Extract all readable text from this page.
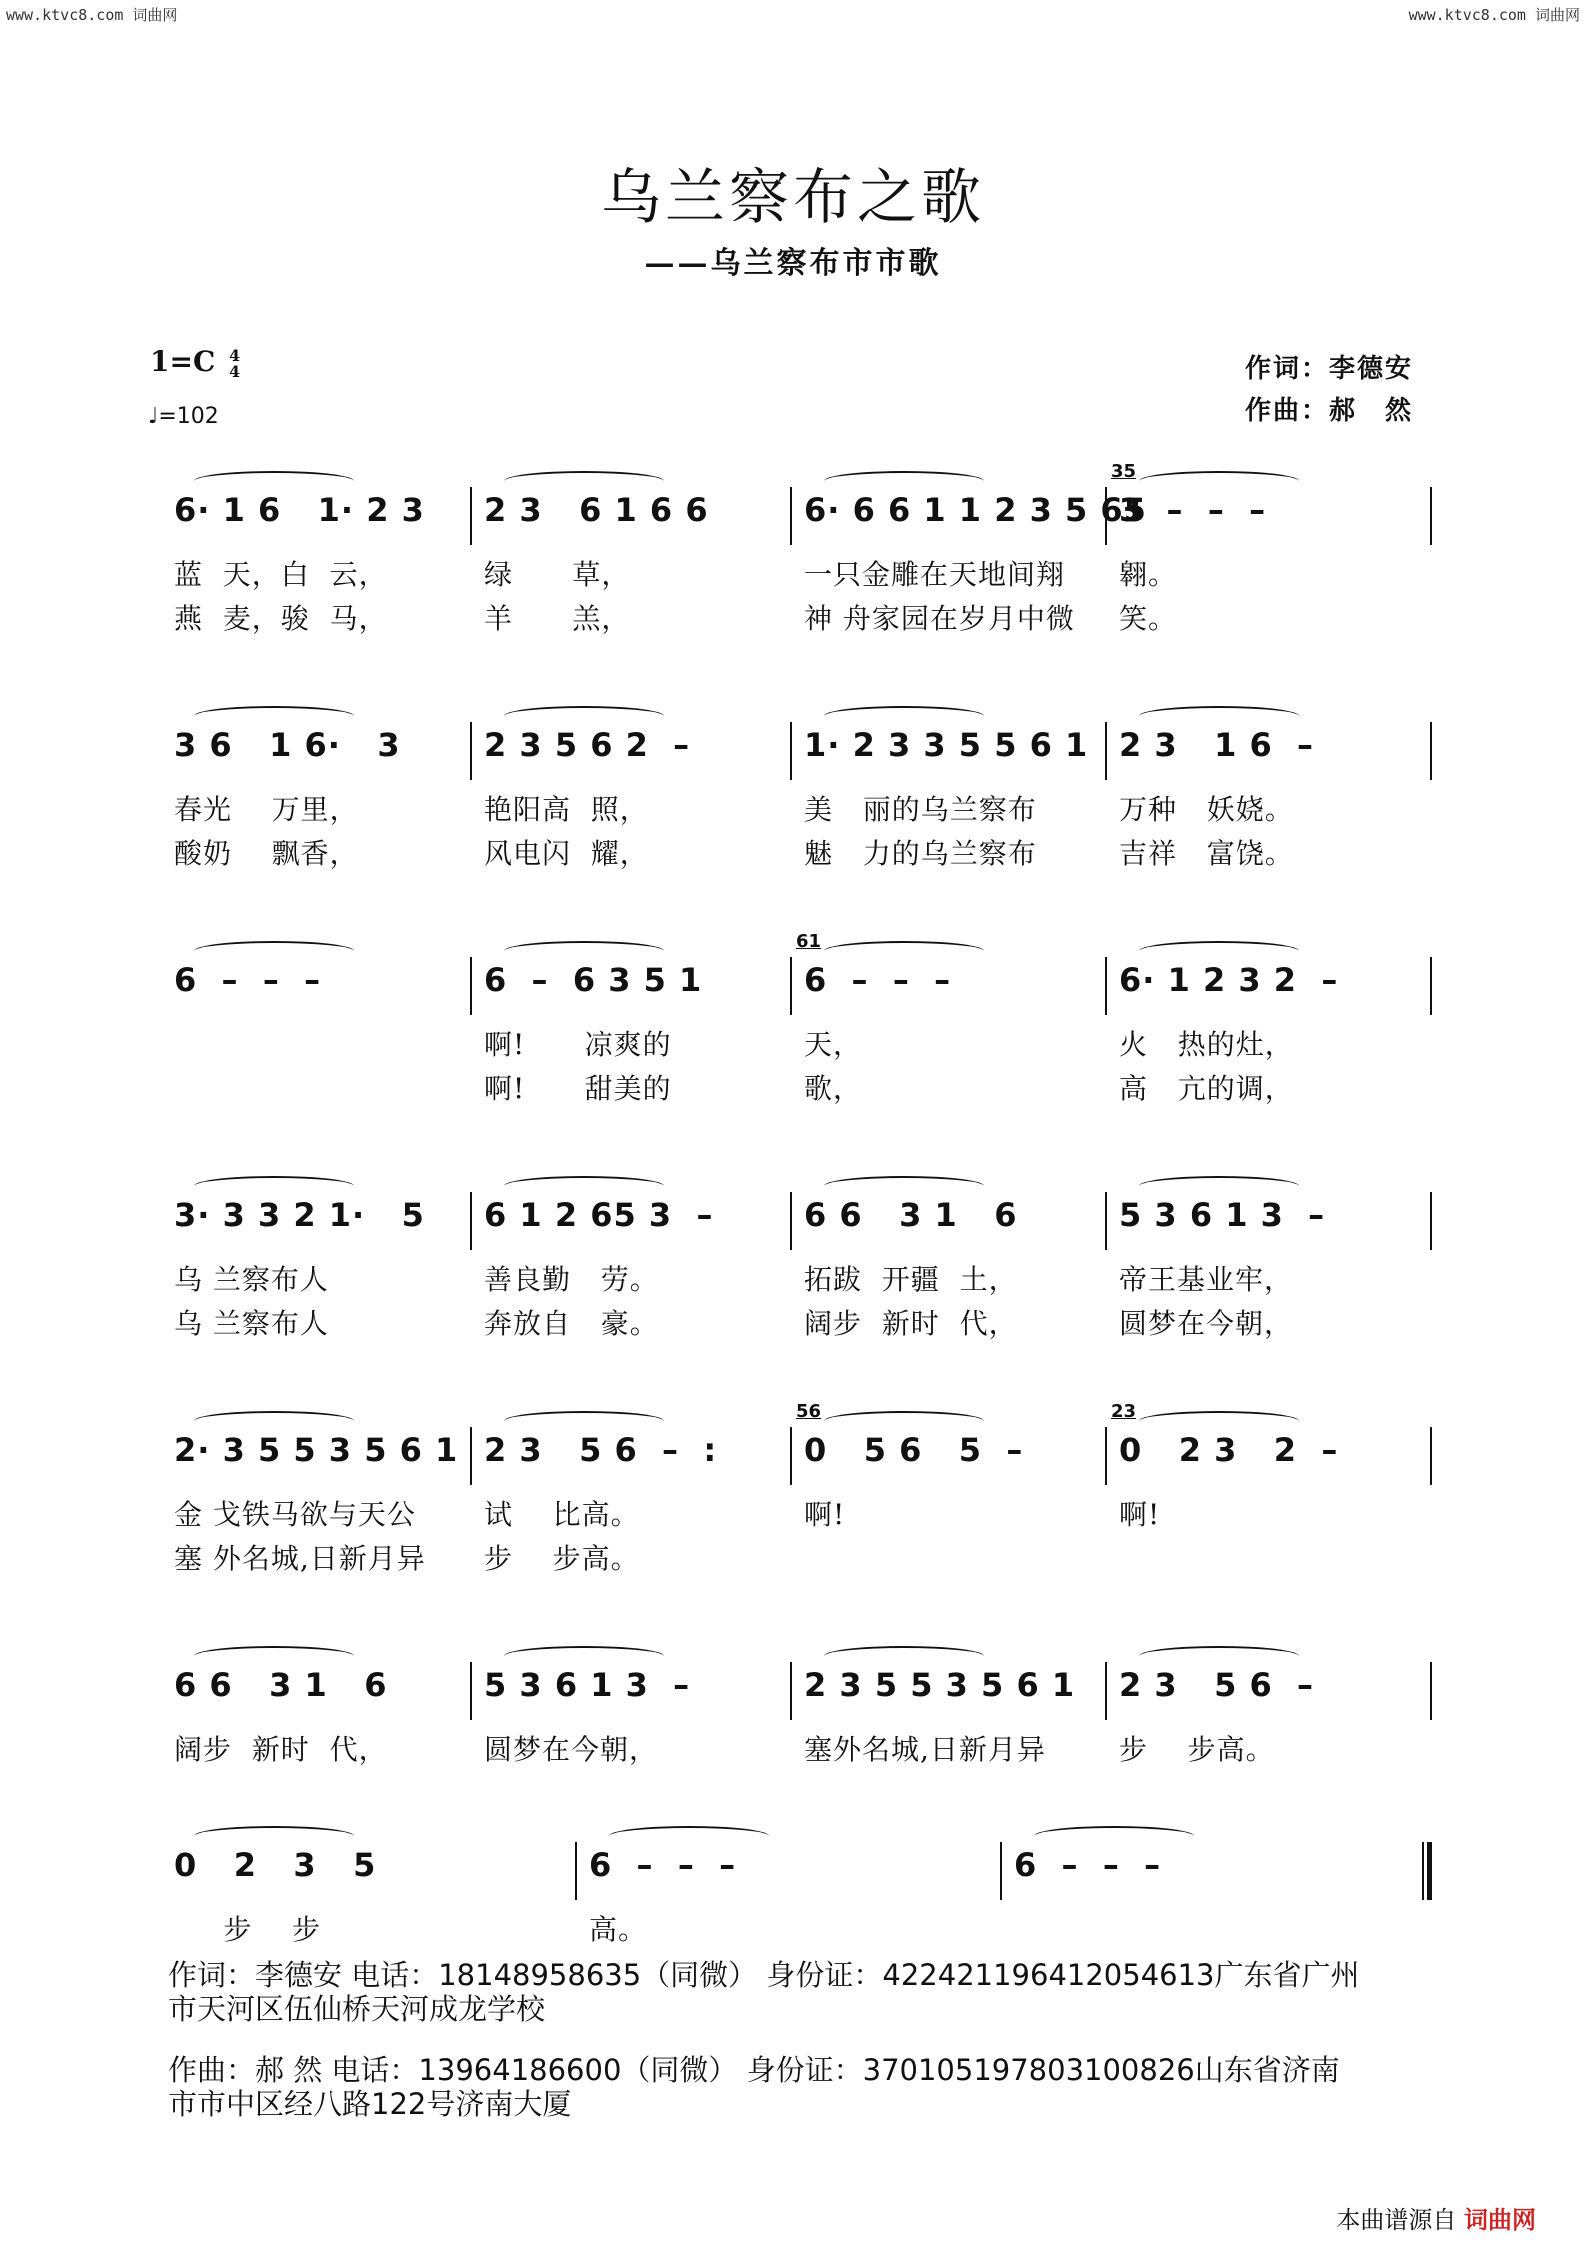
www.ktvc8.com 词曲网	www.ktvc8.com 词曲网
乌兰察布之歌
——乌兰察布市市歌
1=C 4
4
♩=102
作词：李德安
作曲：郝　然
6· 1 6   1· 2 3
蓝  天，白  云，
燕  麦，骏  马，
2 3   6 1 6 6
绿      草，
羊      羔，
6· 6 6 1 1 2 3 5 65
一只金雕在天地间翔
神 舟家园在岁月中微
3  –  –  –
翱。
笑。
35
3 6   1 6·   3
春光    万里，
酸奶    飘香，
2 3 5 6 2  –
艳阳高  照，
风电闪  耀，
1· 2 3 3 5 5 6 1
美   丽的乌兰察布
魅   力的乌兰察布
2 3   1 6  –
万种   妖娆。
吉祥   富饶。
6  –  –  –	6  –  6 3 5 1
啊!      凉爽的
啊!      甜美的
6  –  –  –
天，
歌，
6· 1 2 3 2  –
火   热的灶，
高   亢的调，
61
3· 3 3 2 1·   5
乌 兰察布人
乌 兰察布人
6 1 2 65 3  –
善良勤   劳。
奔放自   豪。
6 6   3 1   6
拓跋  开疆  土，
阔步  新时  代，
5 3 6 1 3  –
帝王基业牢，
圆梦在今朝，
2· 3 5 5 3 5 6 1
金 戈铁马欲与天公
塞 外名城,日新月异
2 3   5 6  –  :
试    比高。
步    步高。
0   5 6   5  –
啊!
0   2 3   2  –
啊!
56	23
6 6   3 1   6
阔步  新时  代，
5 3 6 1 3  –
圆梦在今朝，
2 3 5 5 3 5 6 1
塞外名城,日新月异
2 3   5 6  –
步    步高。
0   2   3   5
步    步
6  –  –  –
高。
6  –  –  –
作词：李德安 电话：18148958635（同微） 身份证：422421196412054613广东省广州
市天河区伍仙桥天河成龙学校
作曲：郝 然 电话：13964186600（同微） 身份证：370105197803100826山东省济南
市市中区经八路122号济南大厦
本曲谱源自 词曲网
